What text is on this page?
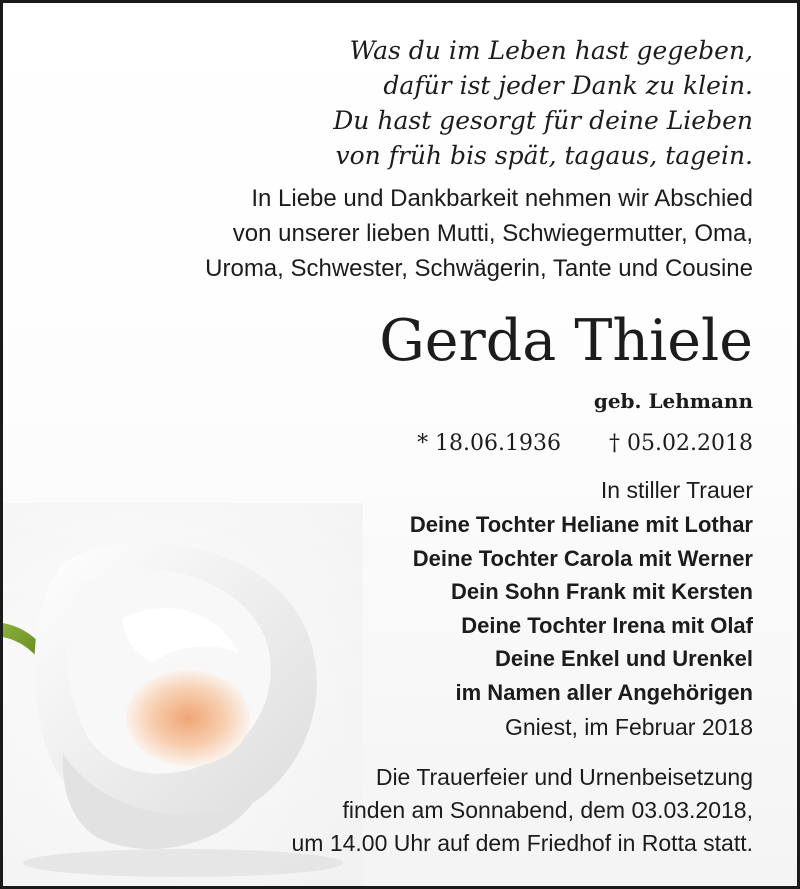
Was du im Leben hast gegeben,
dafür ist jeder Dank zu klein.
Du hast gesorgt für deine Lieben
von früh bis spät, tagaus, tagein.
In Liebe und Dankbarkeit nehmen wir Abschied
von unserer lieben Mutti, Schwiegermutter, Oma,
Uroma, Schwester, Schwägerin, Tante und Cousine
Gerda Thiele
geb. Lehmann
* 18.06.1936 † 05.02.2018
In stiller Trauer
Deine Tochter Heliane mit Lothar
Deine Tochter Carola mit Werner
Dein Sohn Frank mit Kersten
Deine Tochter Irena mit Olaf
Deine Enkel und Urenkel
im Namen aller Angehörigen
Gniest, im Februar 2018
Die Trauerfeier und Urnenbeisetzung
finden am Sonnabend, dem 03.03.2018,
um 14.00 Uhr auf dem Friedhof in Rotta statt.
